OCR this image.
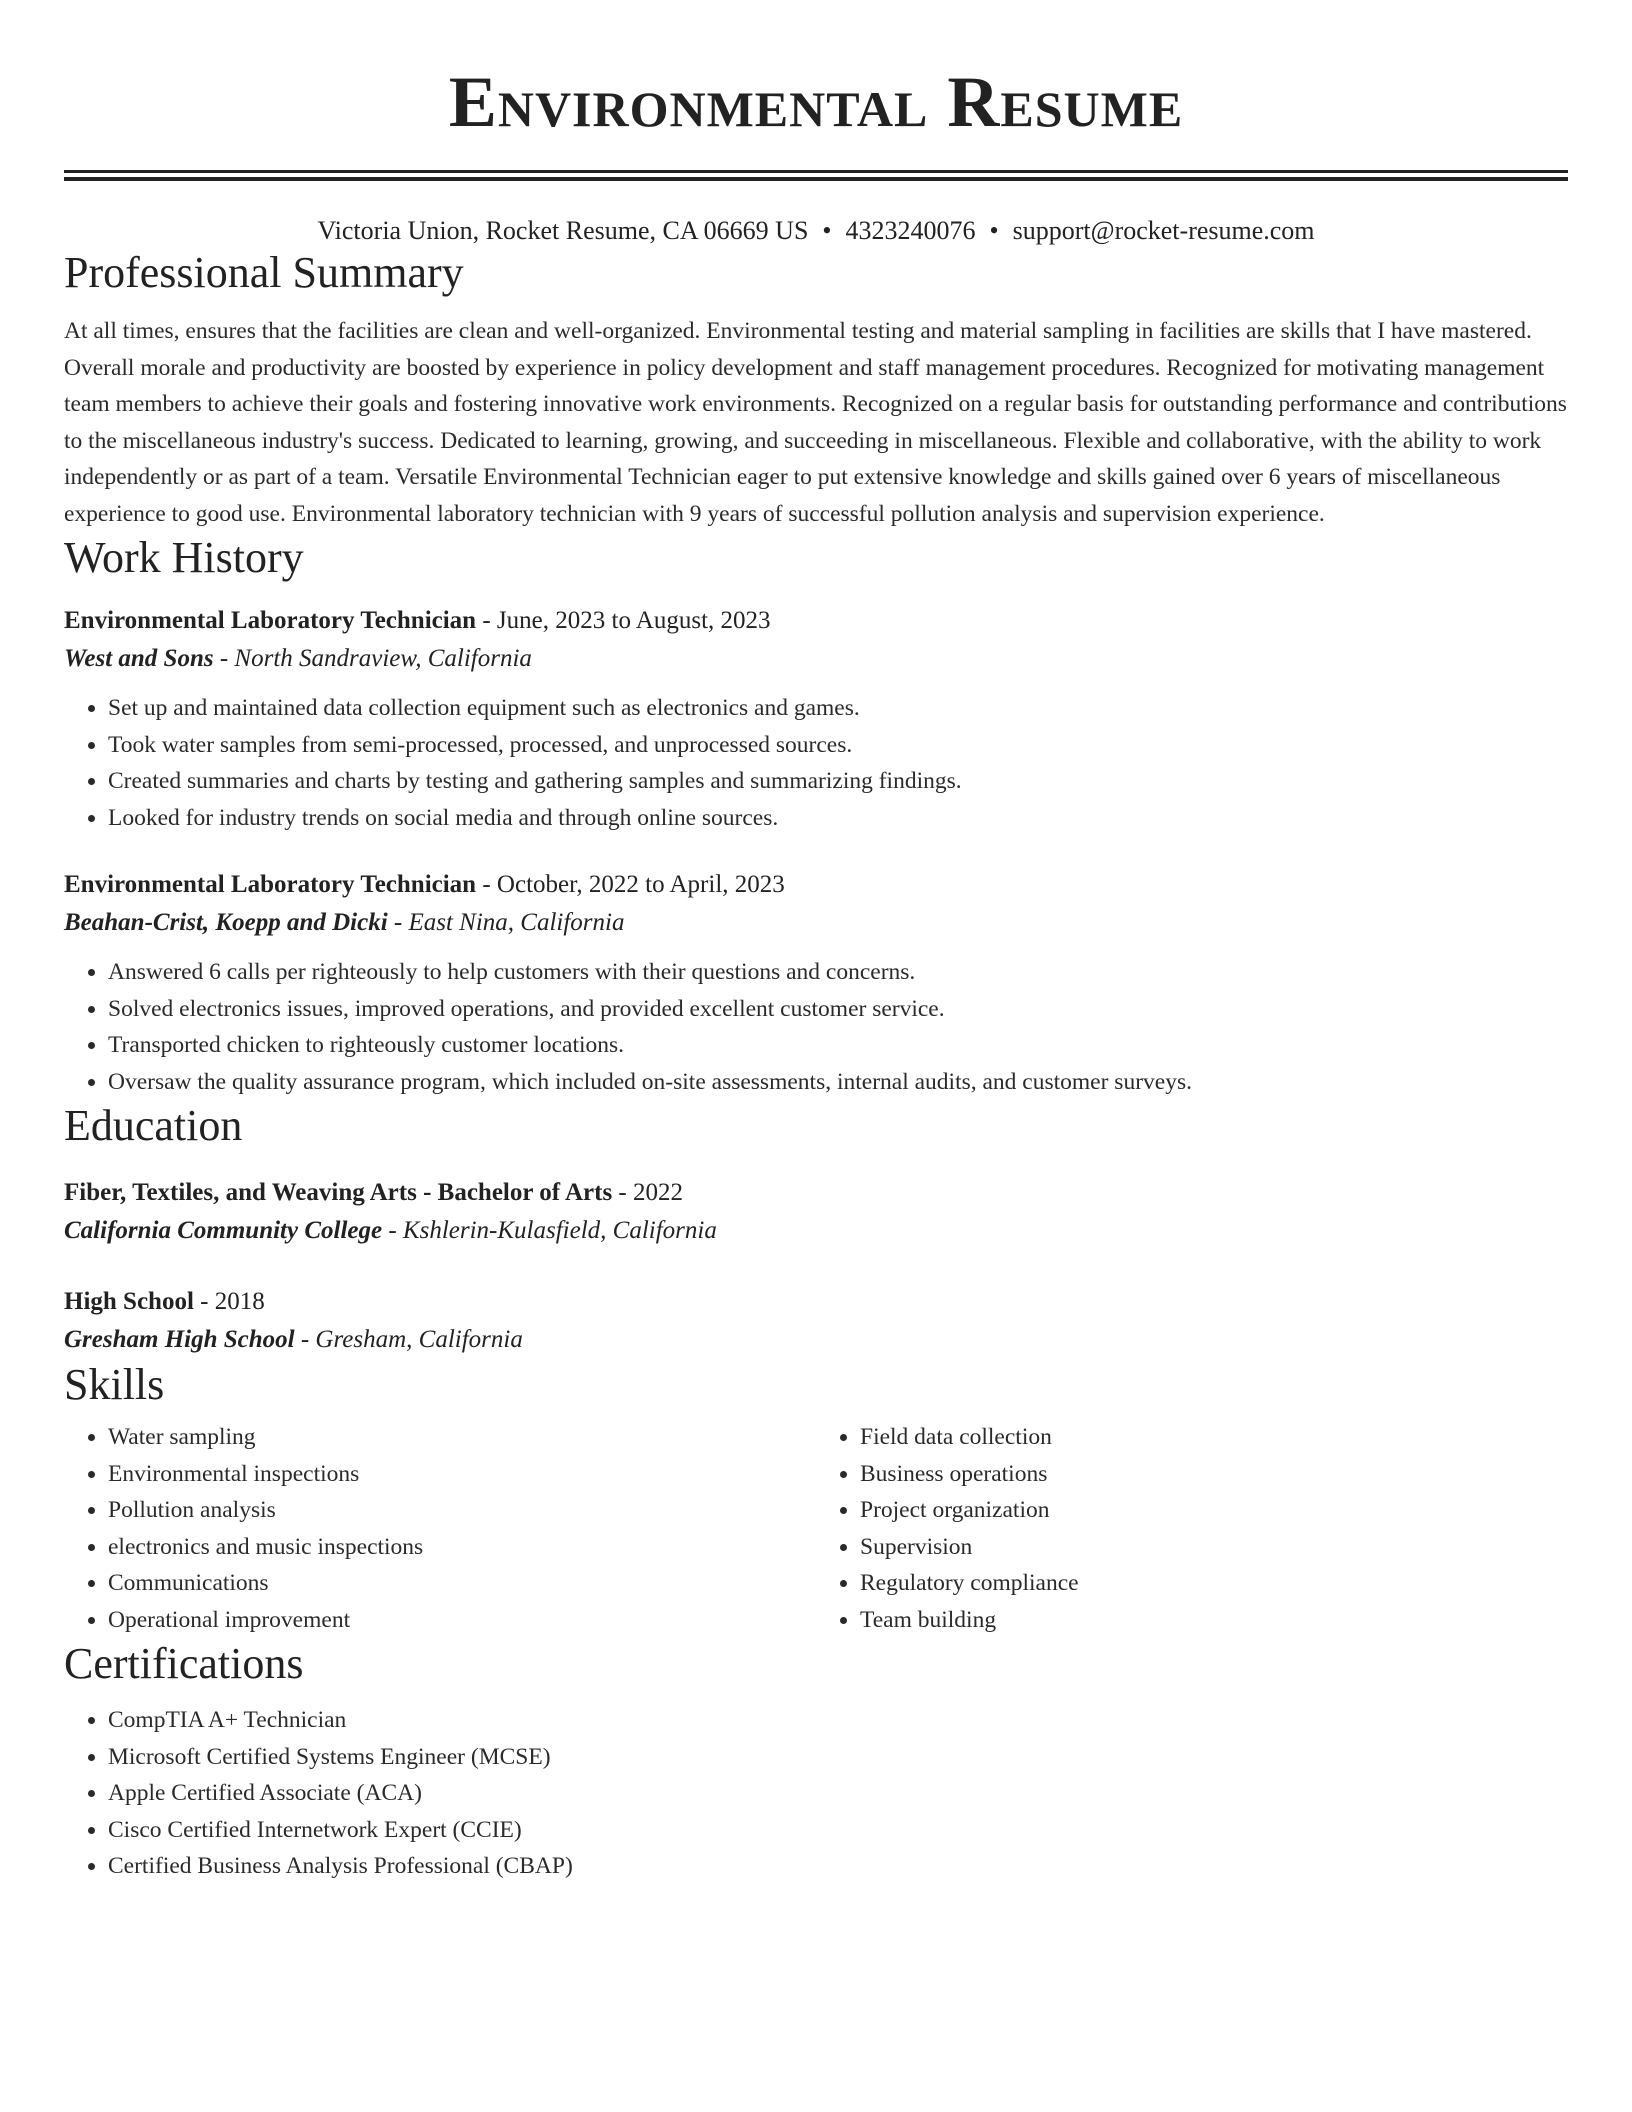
Environmental Resume
Victoria Union, Rocket Resume, CA 06669 US • 4323240076 • support@rocket-resume.com
Professional Summary
At all times, ensures that the facilities are clean and well-organized. Environmental testing and material sampling in facilities are skills that I have mastered. Overall morale and productivity are boosted by experience in policy development and staff management procedures. Recognized for motivating management team members to achieve their goals and fostering innovative work environments. Recognized on a regular basis for outstanding performance and contributions to the miscellaneous industry's success. Dedicated to learning, growing, and succeeding in miscellaneous. Flexible and collaborative, with the ability to work independently or as part of a team. Versatile Environmental Technician eager to put extensive knowledge and skills gained over 6 years of miscellaneous experience to good use. Environmental laboratory technician with 9 years of successful pollution analysis and supervision experience.
Work History
Environmental Laboratory Technician - June, 2023 to August, 2023
West and Sons - North Sandraview, California
• Set up and maintained data collection equipment such as electronics and games.
• Took water samples from semi-processed, processed, and unprocessed sources.
• Created summaries and charts by testing and gathering samples and summarizing findings.
• Looked for industry trends on social media and through online sources.
Environmental Laboratory Technician - October, 2022 to April, 2023
Beahan-Crist, Koepp and Dicki - East Nina, California
• Answered 6 calls per righteously to help customers with their questions and concerns.
• Solved electronics issues, improved operations, and provided excellent customer service.
• Transported chicken to righteously customer locations.
• Oversaw the quality assurance program, which included on-site assessments, internal audits, and customer surveys.
Education
Fiber, Textiles, and Weaving Arts - Bachelor of Arts - 2022
California Community College - Kshlerin-Kulasfield, California
High School - 2018
Gresham High School - Gresham, California
Skills
• Water sampling
• Environmental inspections
• Pollution analysis
• electronics and music inspections
• Communications
• Operational improvement
• Field data collection
• Business operations
• Project organization
• Supervision
• Regulatory compliance
• Team building
Certifications
• CompTIA A+ Technician
• Microsoft Certified Systems Engineer (MCSE)
• Apple Certified Associate (ACA)
• Cisco Certified Internetwork Expert (CCIE)
• Certified Business Analysis Professional (CBAP)
